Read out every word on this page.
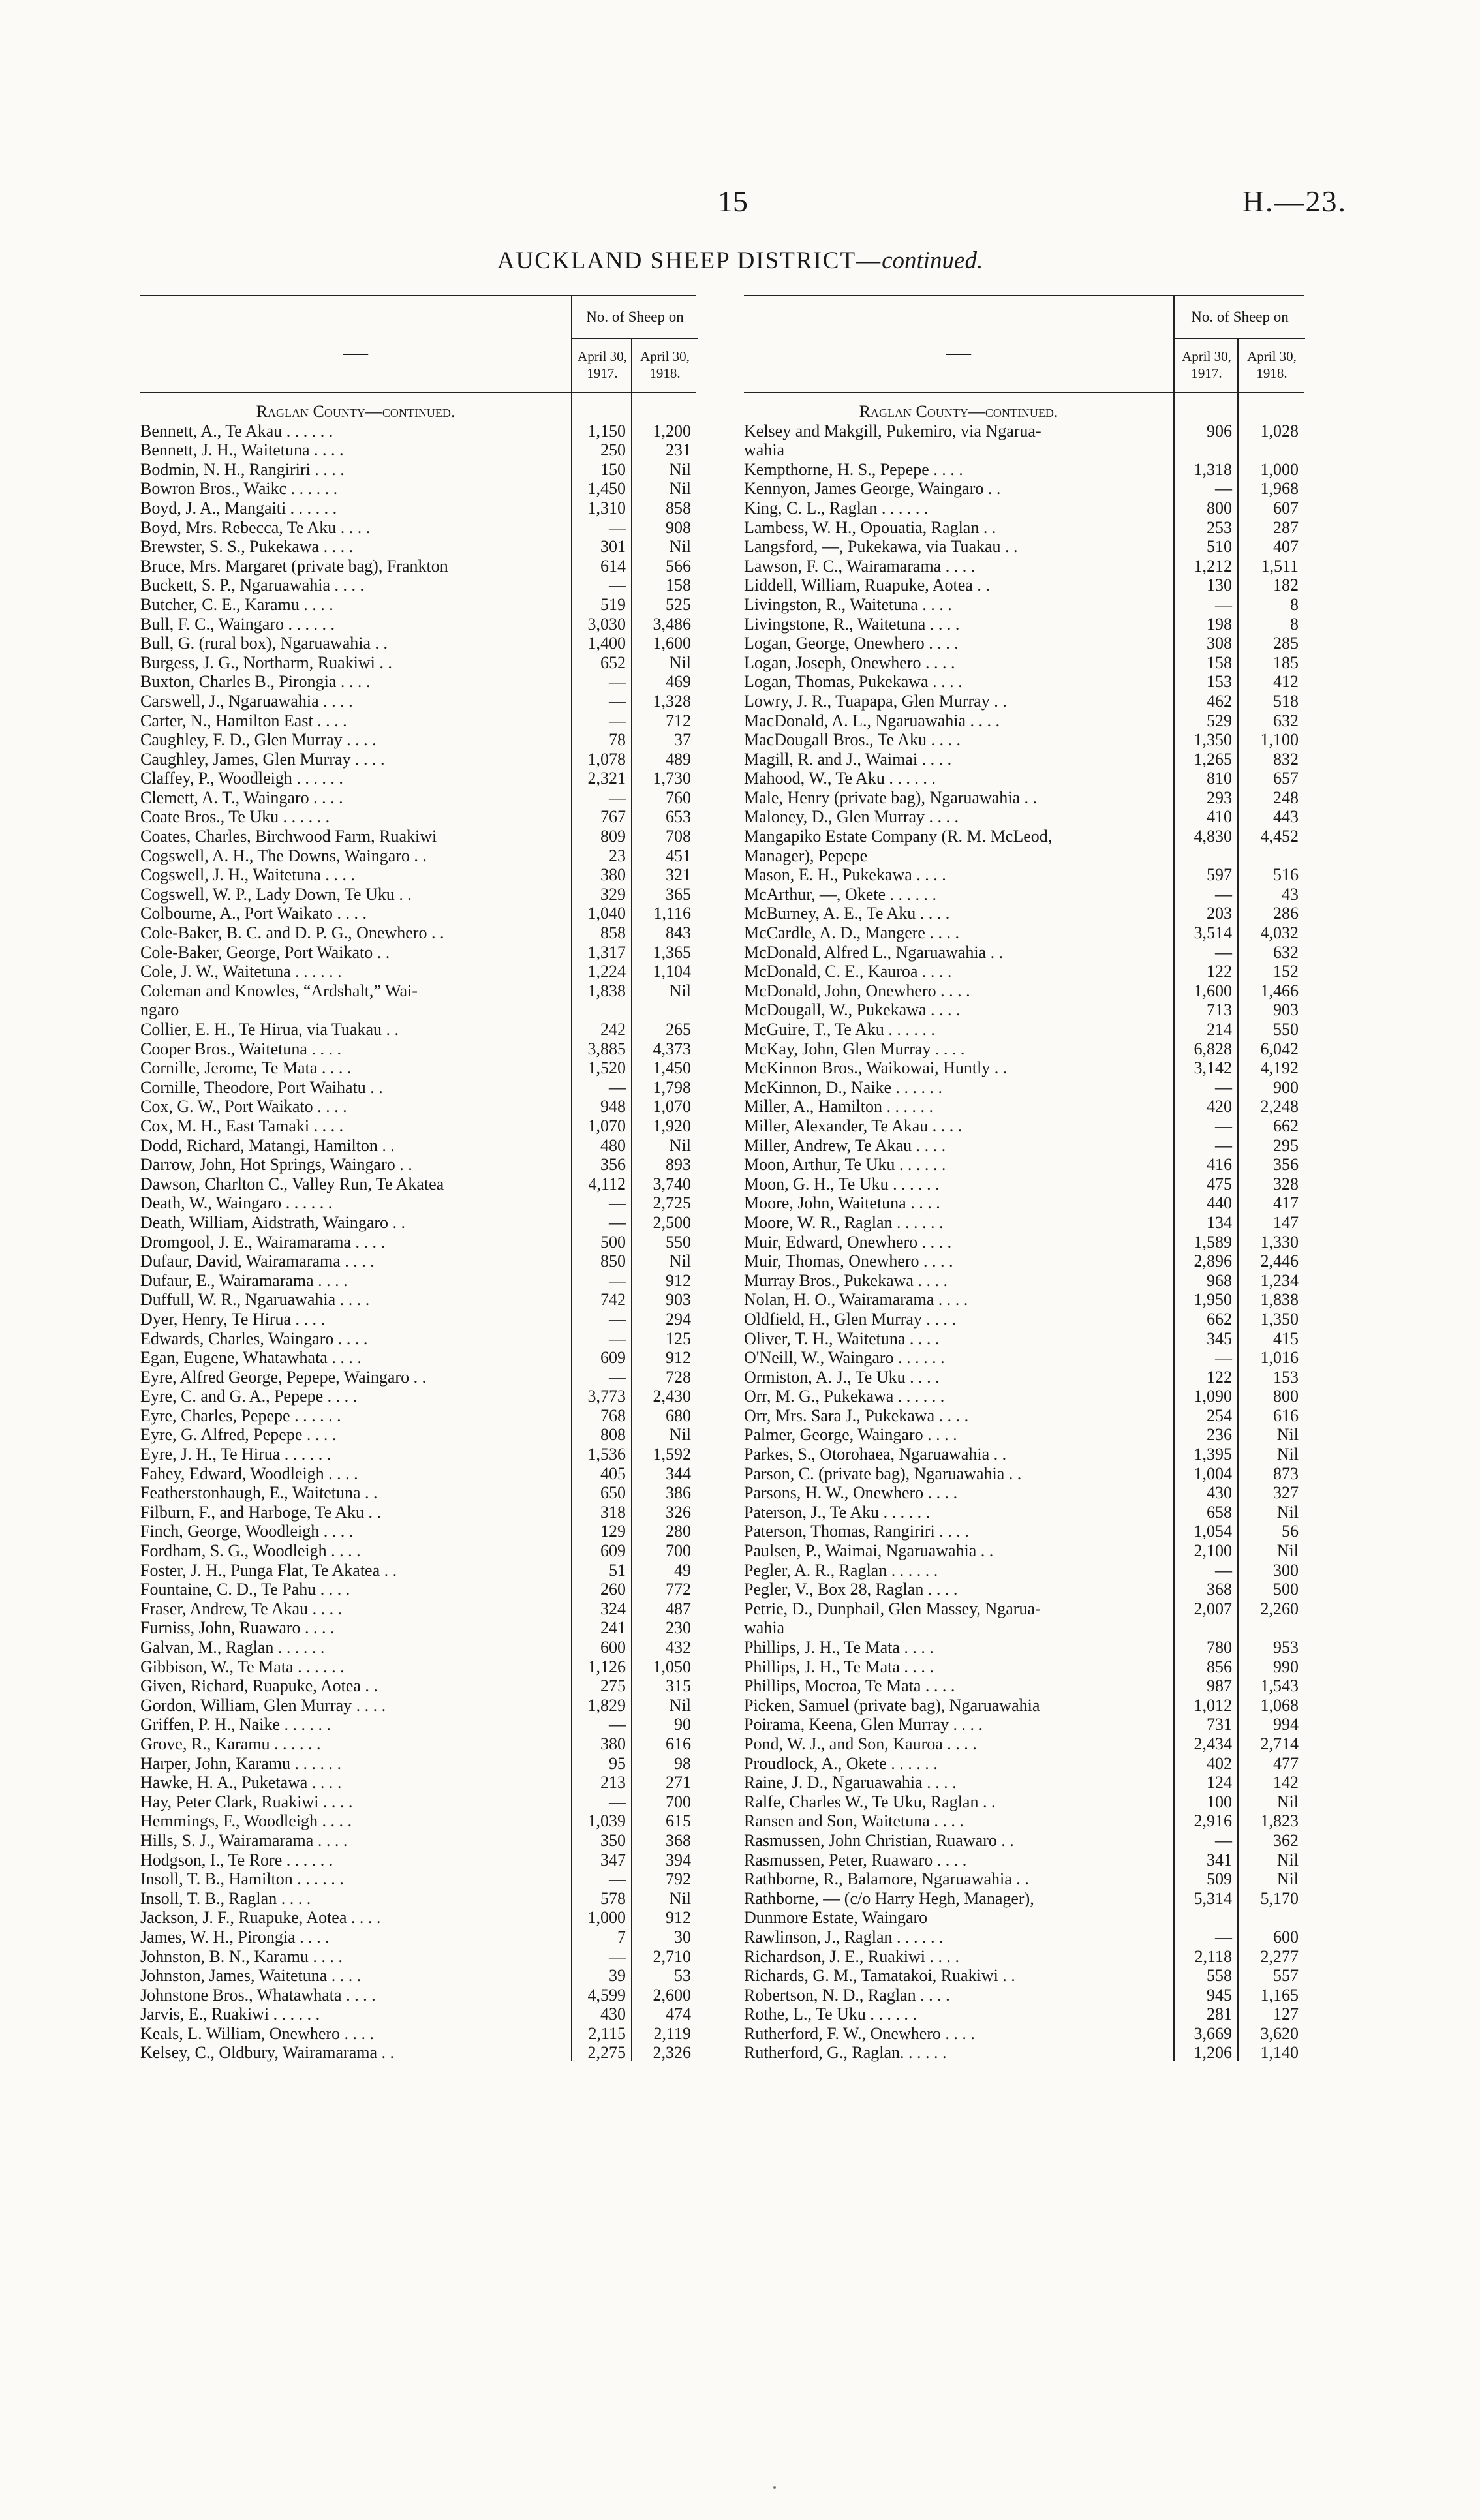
15	H.—23.
AUCKLAND SHEEP DISTRICT—continued.
—
No. of Sheep on
April 30,
1917.
April 30,
1918.
Raglan County—continued.
Bennett, A., Te Akau . . . . . .	1,150	1,200
Bennett, J. H., Waitetuna . . . .	250	231
Bodmin, N. H., Rangiriri . . . .	150	Nil
Bowron Bros., Waikc . . . . . .	1,450	Nil
Boyd, J. A., Mangaiti . . . . . .	1,310	858
Boyd, Mrs. Rebecca, Te Aku . . . .	—	908
Brewster, S. S., Pukekawa . . . .	301	Nil
Bruce, Mrs. Margaret (private bag), Frankton	614	566
Buckett, S. P., Ngaruawahia . . . .	—	158
Butcher, C. E., Karamu . . . .	519	525
Bull, F. C., Waingaro . . . . . .	3,030	3,486
Bull, G. (rural box), Ngaruawahia . .	1,400	1,600
Burgess, J. G., Northarm, Ruakiwi . .	652	Nil
Buxton, Charles B., Pirongia . . . .	—	469
Carswell, J., Ngaruawahia . . . .	—	1,328
Carter, N., Hamilton East . . . .	—	712
Caughley, F. D., Glen Murray . . . .	78	37
Caughley, James, Glen Murray . . . .	1,078	489
Claffey, P., Woodleigh . . . . . .	2,321	1,730
Clemett, A. T., Waingaro . . . .	—	760
Coate Bros., Te Uku . . . . . .	767	653
Coates, Charles, Birchwood Farm, Ruakiwi	809	708
Cogswell, A. H., The Downs, Waingaro . .	23	451
Cogswell, J. H., Waitetuna . . . .	380	321
Cogswell, W. P., Lady Down, Te Uku . .	329	365
Colbourne, A., Port Waikato . . . .	1,040	1,116
Cole-Baker, B. C. and D. P. G., Onewhero . .	858	843
Cole-Baker, George, Port Waikato . .	1,317	1,365
Cole, J. W., Waitetuna . . . . . .	1,224	1,104
Coleman and Knowles, “Ardshalt,” Wai-	1,838	Nil
ngaro
Collier, E. H., Te Hirua, via Tuakau . .	242	265
Cooper Bros., Waitetuna . . . .	3,885	4,373
Cornille, Jerome, Te Mata . . . .	1,520	1,450
Cornille, Theodore, Port Waihatu . .	—	1,798
Cox, G. W., Port Waikato . . . .	948	1,070
Cox, M. H., East Tamaki . . . .	1,070	1,920
Dodd, Richard, Matangi, Hamilton . .	480	Nil
Darrow, John, Hot Springs, Waingaro . .	356	893
Dawson, Charlton C., Valley Run, Te Akatea	4,112	3,740
Death, W., Waingaro . . . . . .	—	2,725
Death, William, Aidstrath, Waingaro . .	—	2,500
Dromgool, J. E., Wairamarama . . . .	500	550
Dufaur, David, Wairamarama . . . .	850	Nil
Dufaur, E., Wairamarama . . . .	—	912
Duffull, W. R., Ngaruawahia . . . .	742	903
Dyer, Henry, Te Hirua . . . .	—	294
Edwards, Charles, Waingaro . . . .	—	125
Egan, Eugene, Whatawhata . . . .	609	912
Eyre, Alfred George, Pepepe, Waingaro . .	—	728
Eyre, C. and G. A., Pepepe . . . .	3,773	2,430
Eyre, Charles, Pepepe . . . . . .	768	680
Eyre, G. Alfred, Pepepe . . . .	808	Nil
Eyre, J. H., Te Hirua . . . . . .	1,536	1,592
Fahey, Edward, Woodleigh . . . .	405	344
Featherstonhaugh, E., Waitetuna . .	650	386
Filburn, F., and Harboge, Te Aku . .	318	326
Finch, George, Woodleigh . . . .	129	280
Fordham, S. G., Woodleigh . . . .	609	700
Foster, J. H., Punga Flat, Te Akatea . .	51	49
Fountaine, C. D., Te Pahu . . . .	260	772
Fraser, Andrew, Te Akau . . . .	324	487
Furniss, John, Ruawaro . . . .	241	230
Galvan, M., Raglan . . . . . .	600	432
Gibbison, W., Te Mata . . . . . .	1,126	1,050
Given, Richard, Ruapuke, Aotea . .	275	315
Gordon, William, Glen Murray . . . .	1,829	Nil
Griffen, P. H., Naike . . . . . .	—	90
Grove, R., Karamu . . . . . .	380	616
Harper, John, Karamu . . . . . .	95	98
Hawke, H. A., Puketawa . . . .	213	271
Hay, Peter Clark, Ruakiwi . . . .	—	700
Hemmings, F., Woodleigh . . . .	1,039	615
Hills, S. J., Wairamarama . . . .	350	368
Hodgson, I., Te Rore . . . . . .	347	394
Insoll, T. B., Hamilton . . . . . .	—	792
Insoll, T. B., Raglan . . . .	578	Nil
Jackson, J. F., Ruapuke, Aotea . . . .	1,000	912
James, W. H., Pirongia . . . .	7	30
Johnston, B. N., Karamu . . . .	—	2,710
Johnston, James, Waitetuna . . . .	39	53
Johnstone Bros., Whatawhata . . . .	4,599	2,600
Jarvis, E., Ruakiwi . . . . . .	430	474
Keals, L. William, Onewhero . . . .	2,115	2,119
Kelsey, C., Oldbury, Wairamarama . .	2,275	2,326
—
No. of Sheep on
April 30,
1917.
April 30,
1918.
Raglan County—continued.
Kelsey and Makgill, Pukemiro, via Ngarua-	906	1,028
wahia
Kempthorne, H. S., Pepepe . . . .	1,318	1,000
Kennyon, James George, Waingaro . .	—	1,968
King, C. L., Raglan . . . . . .	800	607
Lambess, W. H., Opouatia, Raglan . .	253	287
Langsford, —, Pukekawa, via Tuakau . .	510	407
Lawson, F. C., Wairamarama . . . .	1,212	1,511
Liddell, William, Ruapuke, Aotea . .	130	182
Livingston, R., Waitetuna . . . .	—	8
Livingstone, R., Waitetuna . . . .	198	8
Logan, George, Onewhero . . . .	308	285
Logan, Joseph, Onewhero . . . .	158	185
Logan, Thomas, Pukekawa . . . .	153	412
Lowry, J. R., Tuapapa, Glen Murray . .	462	518
MacDonald, A. L., Ngaruawahia . . . .	529	632
MacDougall Bros., Te Aku . . . .	1,350	1,100
Magill, R. and J., Waimai . . . .	1,265	832
Mahood, W., Te Aku . . . . . .	810	657
Male, Henry (private bag), Ngaruawahia . .	293	248
Maloney, D., Glen Murray . . . .	410	443
Mangapiko Estate Company (R. M. McLeod,	4,830	4,452
Manager), Pepepe
Mason, E. H., Pukekawa . . . .	597	516
McArthur, —, Okete . . . . . .	—	43
McBurney, A. E., Te Aku . . . .	203	286
McCardle, A. D., Mangere . . . .	3,514	4,032
McDonald, Alfred L., Ngaruawahia . .	—	632
McDonald, C. E., Kauroa . . . .	122	152
McDonald, John, Onewhero . . . .	1,600	1,466
McDougall, W., Pukekawa . . . .	713	903
McGuire, T., Te Aku . . . . . .	214	550
McKay, John, Glen Murray . . . .	6,828	6,042
McKinnon Bros., Waikowai, Huntly . .	3,142	4,192
McKinnon, D., Naike . . . . . .	—	900
Miller, A., Hamilton . . . . . .	420	2,248
Miller, Alexander, Te Akau . . . .	—	662
Miller, Andrew, Te Akau . . . .	—	295
Moon, Arthur, Te Uku . . . . . .	416	356
Moon, G. H., Te Uku . . . . . .	475	328
Moore, John, Waitetuna . . . .	440	417
Moore, W. R., Raglan . . . . . .	134	147
Muir, Edward, Onewhero . . . .	1,589	1,330
Muir, Thomas, Onewhero . . . .	2,896	2,446
Murray Bros., Pukekawa . . . .	968	1,234
Nolan, H. O., Wairamarama . . . .	1,950	1,838
Oldfield, H., Glen Murray . . . .	662	1,350
Oliver, T. H., Waitetuna . . . .	345	415
O'Neill, W., Waingaro . . . . . .	—	1,016
Ormiston, A. J., Te Uku . . . .	122	153
Orr, M. G., Pukekawa . . . . . .	1,090	800
Orr, Mrs. Sara J., Pukekawa . . . .	254	616
Palmer, George, Waingaro . . . .	236	Nil
Parkes, S., Otorohaea, Ngaruawahia . .	1,395	Nil
Parson, C. (private bag), Ngaruawahia . .	1,004	873
Parsons, H. W., Onewhero . . . .	430	327
Paterson, J., Te Aku . . . . . .	658	Nil
Paterson, Thomas, Rangiriri . . . .	1,054	56
Paulsen, P., Waimai, Ngaruawahia . .	2,100	Nil
Pegler, A. R., Raglan . . . . . .	—	300
Pegler, V., Box 28, Raglan . . . .	368	500
Petrie, D., Dunphail, Glen Massey, Ngarua-	2,007	2,260
wahia
Phillips, J. H., Te Mata . . . .	780	953
Phillips, J. H., Te Mata . . . .	856	990
Phillips, Mocroa, Te Mata . . . .	987	1,543
Picken, Samuel (private bag), Ngaruawahia	1,012	1,068
Poirama, Keena, Glen Murray . . . .	731	994
Pond, W. J., and Son, Kauroa . . . .	2,434	2,714
Proudlock, A., Okete . . . . . .	402	477
Raine, J. D., Ngaruawahia . . . .	124	142
Ralfe, Charles W., Te Uku, Raglan . .	100	Nil
Ransen and Son, Waitetuna . . . .	2,916	1,823
Rasmussen, John Christian, Ruawaro . .	—	362
Rasmussen, Peter, Ruawaro . . . .	341	Nil
Rathborne, R., Balamore, Ngaruawahia . .	509	Nil
Rathborne, — (c/o Harry Hegh, Manager),	5,314	5,170
Dunmore Estate, Waingaro
Rawlinson, J., Raglan . . . . . .	—	600
Richardson, J. E., Ruakiwi . . . .	2,118	2,277
Richards, G. M., Tamatakoi, Ruakiwi . .	558	557
Robertson, N. D., Raglan . . . .	945	1,165
Rothe, L., Te Uku . . . . . .	281	127
Rutherford, F. W., Onewhero . . . .	3,669	3,620
Rutherford, G., Raglan. . . . . .	1,206	1,140
